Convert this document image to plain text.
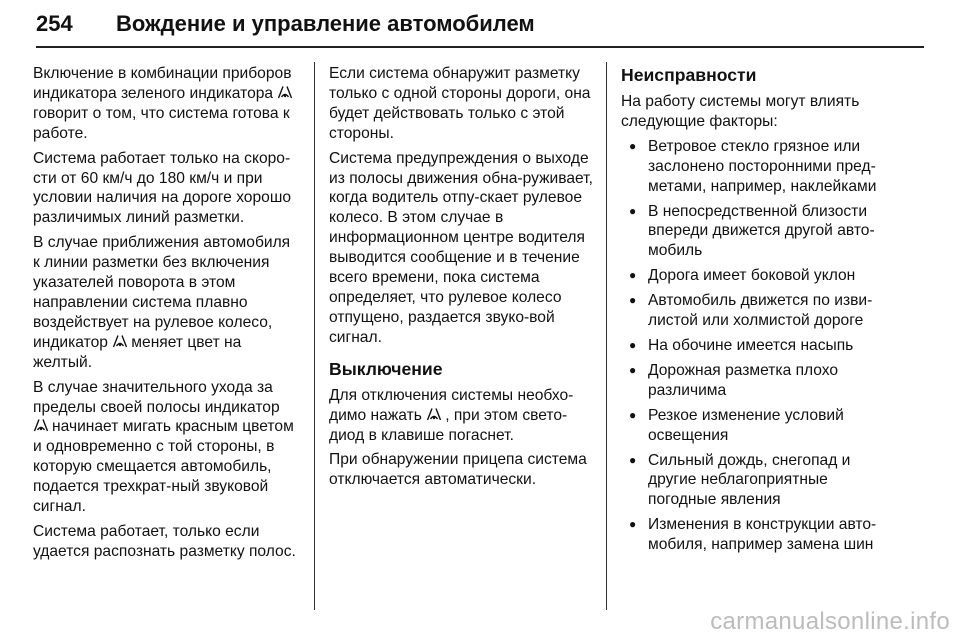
254 Вождение и управление автомобилем

Включение в комбинации приборов индикатора зеленого индикатора говорит о том, что система готова к работе.

Система работает только на скоро-сти от 60 км/ч до 180 км/ч и при условии наличия на дороге хорошо различимых линий разметки.

В случае приближения автомобиля к линии разметки без включения указателей поворота в этом направлении система плавно воздействует на рулевое колесо, индикатор меняет цвет на желтый.

В случае значительного ухода за пределы своей полосы индикатор начинает мигать красным цветом и одновременно с той стороны, в которую смещается автомобиль, подается трехкрат-ный звуковой сигнал.

Система работает, только если удается распознать разметку полос.

Если система обнаружит разметку только с одной стороны дороги, она будет действовать только с этой стороны.

Система предупреждения о выходе из полосы движения обна-руживает, когда водитель отпу-скает рулевое колесо. В этом случае в информационном центре водителя выводится сообщение и в течение всего времени, пока система определяет, что рулевое колесо отпущено, раздается звуко-вой сигнал.

Выключение

Для отключения системы необхо-димо нажать , при этом свето-диод в клавише погаснет.

При обнаружении прицепа система отключается автоматически.

Неисправности

На работу системы могут влиять следующие факторы:

● Ветровое стекло грязное или заслонено посторонними пред-метами, например, наклейками
● В непосредственной близости впереди движется другой авто-мобиль
● Дорога имеет боковой уклон
● Автомобиль движется по изви-листой или холмистой дороге
● На обочине имеется насыпь
● Дорожная разметка плохо различима
● Резкое изменение условий освещения
● Сильный дождь, снегопад и другие неблагоприятные погодные явления
● Изменения в конструкции авто-мобиля, например замена шин
carmanualsonline.info
